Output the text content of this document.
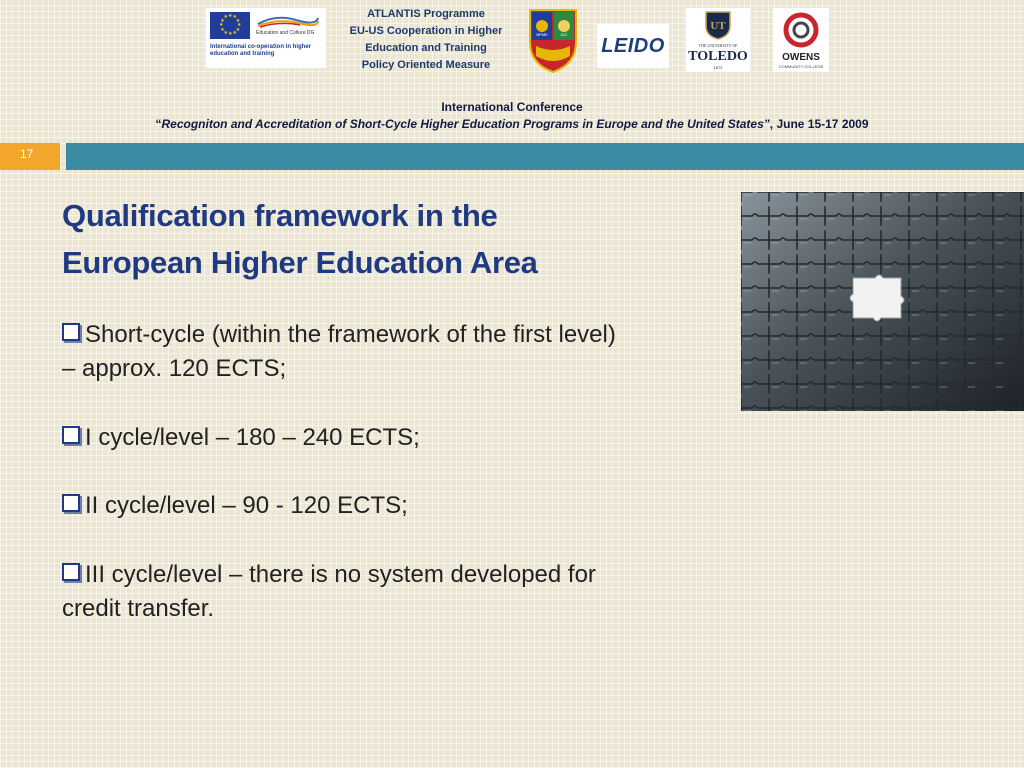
★
★
★
★
★
★
★
★
★ ★ ★
★
Education and Culture DG
International co-operation in higher education and training
ATLANTIS Programme
EU-US Cooperation in Higher
Education and Training
Policy Oriented Measure
BPMK	IUC
LEIDO
UT
THE UNIVERSITY OF
TOLEDO
1872
OWENS
COMMUNITY COLLEGE
International Conference
“Recogniton and Accreditation of Short-Cycle Higher Education Programs in Europe and the United States”, June 15-17 2009
17
Qualification framework in the
European Higher Education Area
Short-cycle (within the framework of the first level)
– approx. 120 ECTS;
I cycle/level – 180 – 240 ECTS;
II cycle/level – 90 - 120 ECTS;
III cycle/level – there is no system developed for
credit transfer.
